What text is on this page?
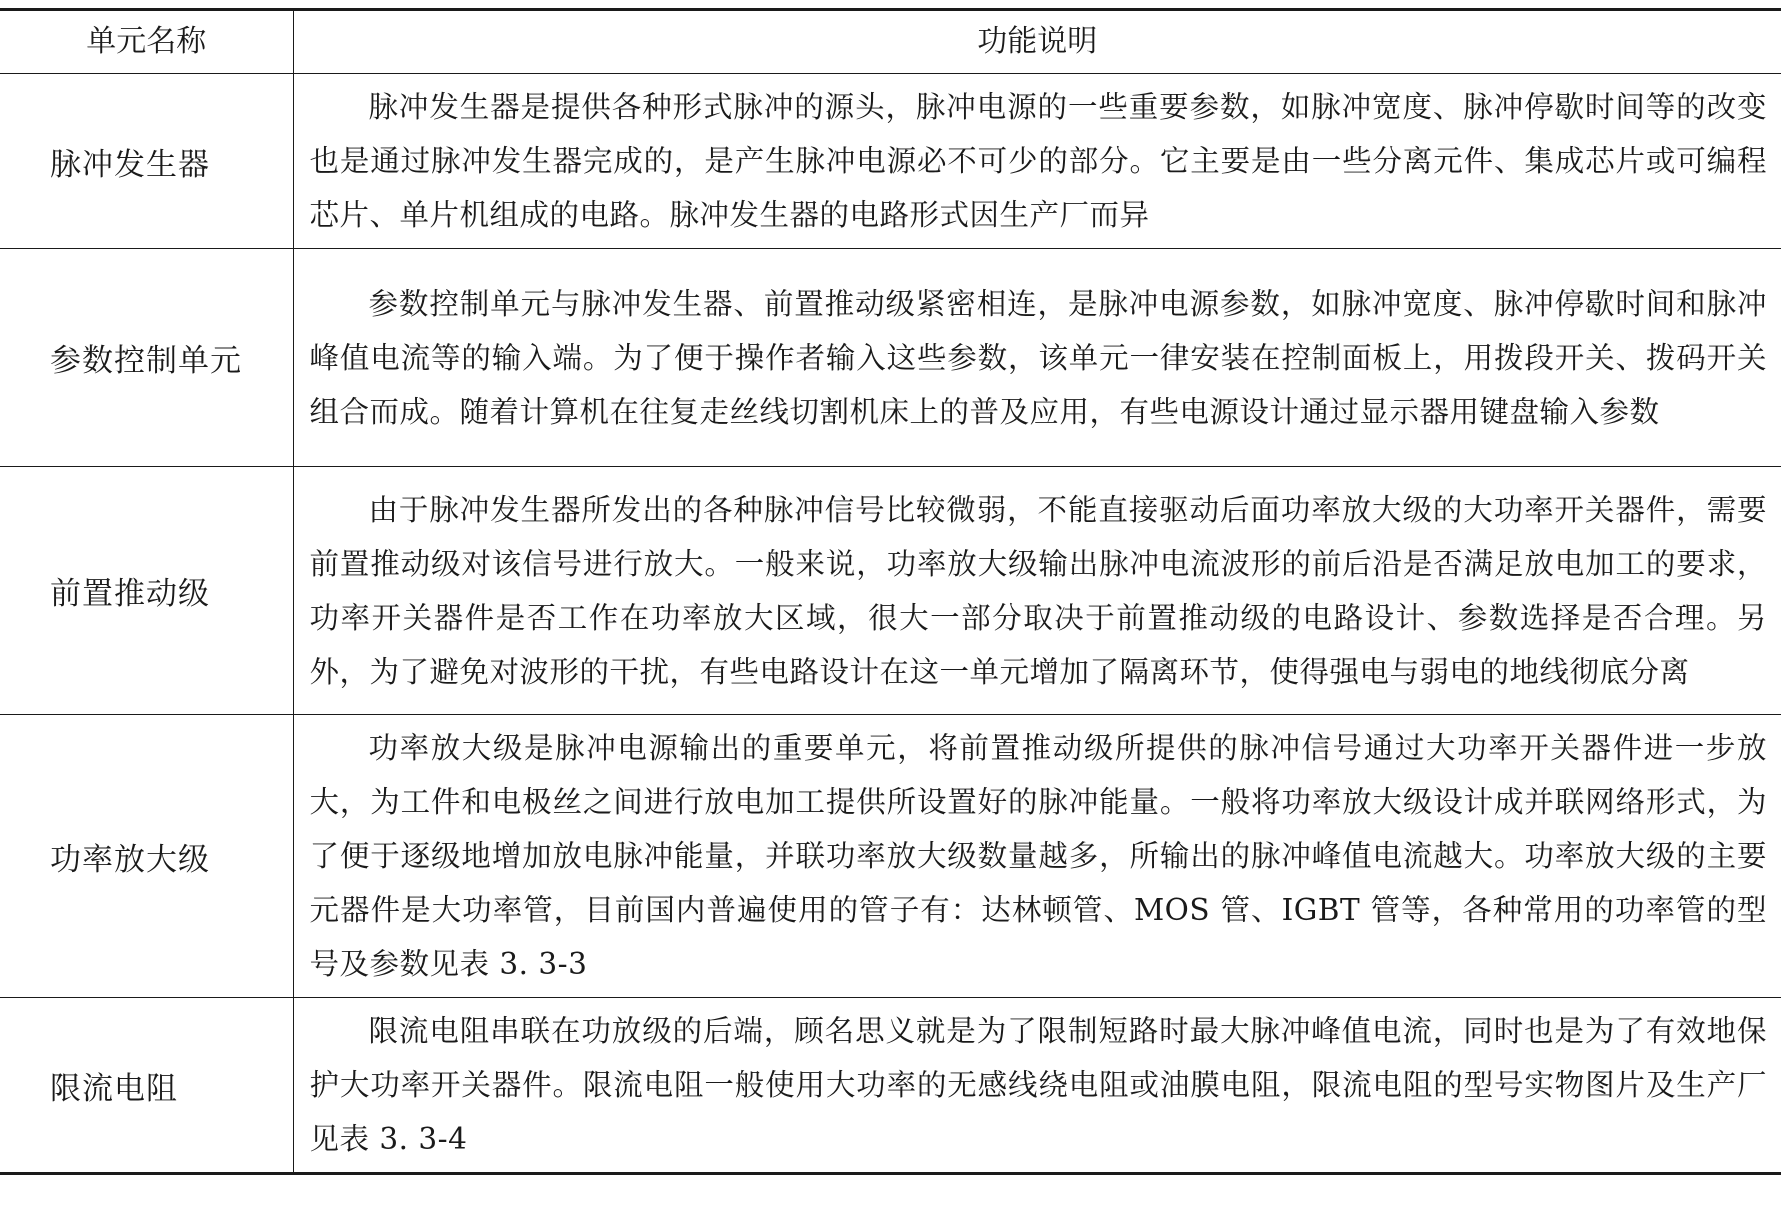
单元名称	功能说明
脉冲发生器	脉冲发生器是提供各种形式脉冲的源头，脉冲电源的一些重要参数，如脉冲宽度、脉冲停歇时间等的改变也是通过脉冲发生器完成的，是产生脉冲电源必不可少的部分。它主要是由一些分离元件、集成芯片或可编程芯片、单片机组成的电路。脉冲发生器的电路形式因生产厂而异

参数控制单元	参数控制单元与脉冲发生器、前置推动级紧密相连，是脉冲电源参数，如脉冲宽度、脉冲停歇时间和脉冲峰值电流等的输入端。为了便于操作者输入这些参数，该单元一律安装在控制面板上，用拨段开关、拨码开关组合而成。随着计算机在往复走丝线切割机床上的普及应用，有些电源设计通过显示器用键盘输入参数

前置推动级	由于脉冲发生器所发出的各种脉冲信号比较微弱，不能直接驱动后面功率放大级的大功率开关器件，需要前置推动级对该信号进行放大。一般来说，功率放大级输出脉冲电流波形的前后沿是否满足放电加工的要求，功率开关器件是否工作在功率放大区域，很大一部分取决于前置推动级的电路设计、参数选择是否合理。另外，为了避免对波形的干扰，有些电路设计在这一单元增加了隔离环节，使得强电与弱电的地线彻底分离

功率放大级	功率放大级是脉冲电源输出的重要单元，将前置推动级所提供的脉冲信号通过大功率开关器件进一步放大，为工件和电极丝之间进行放电加工提供所设置好的脉冲能量。一般将功率放大级设计成并联网络形式，为了便于逐级地增加放电脉冲能量，并联功率放大级数量越多，所输出的脉冲峰值电流越大。功率放大级的主要元器件是大功率管，目前国内普遍使用的管子有：达林顿管、MOS 管、IGBT 管等，各种常用的功率管的型号及参数见表 3. 3-3

限流电阻	限流电阻串联在功放级的后端，顾名思义就是为了限制短路时最大脉冲峰值电流，同时也是为了有效地保护大功率开关器件。限流电阻一般使用大功率的无感线绕电阻或油膜电阻，限流电阻的型号实物图片及生产厂见表 3. 3-4
